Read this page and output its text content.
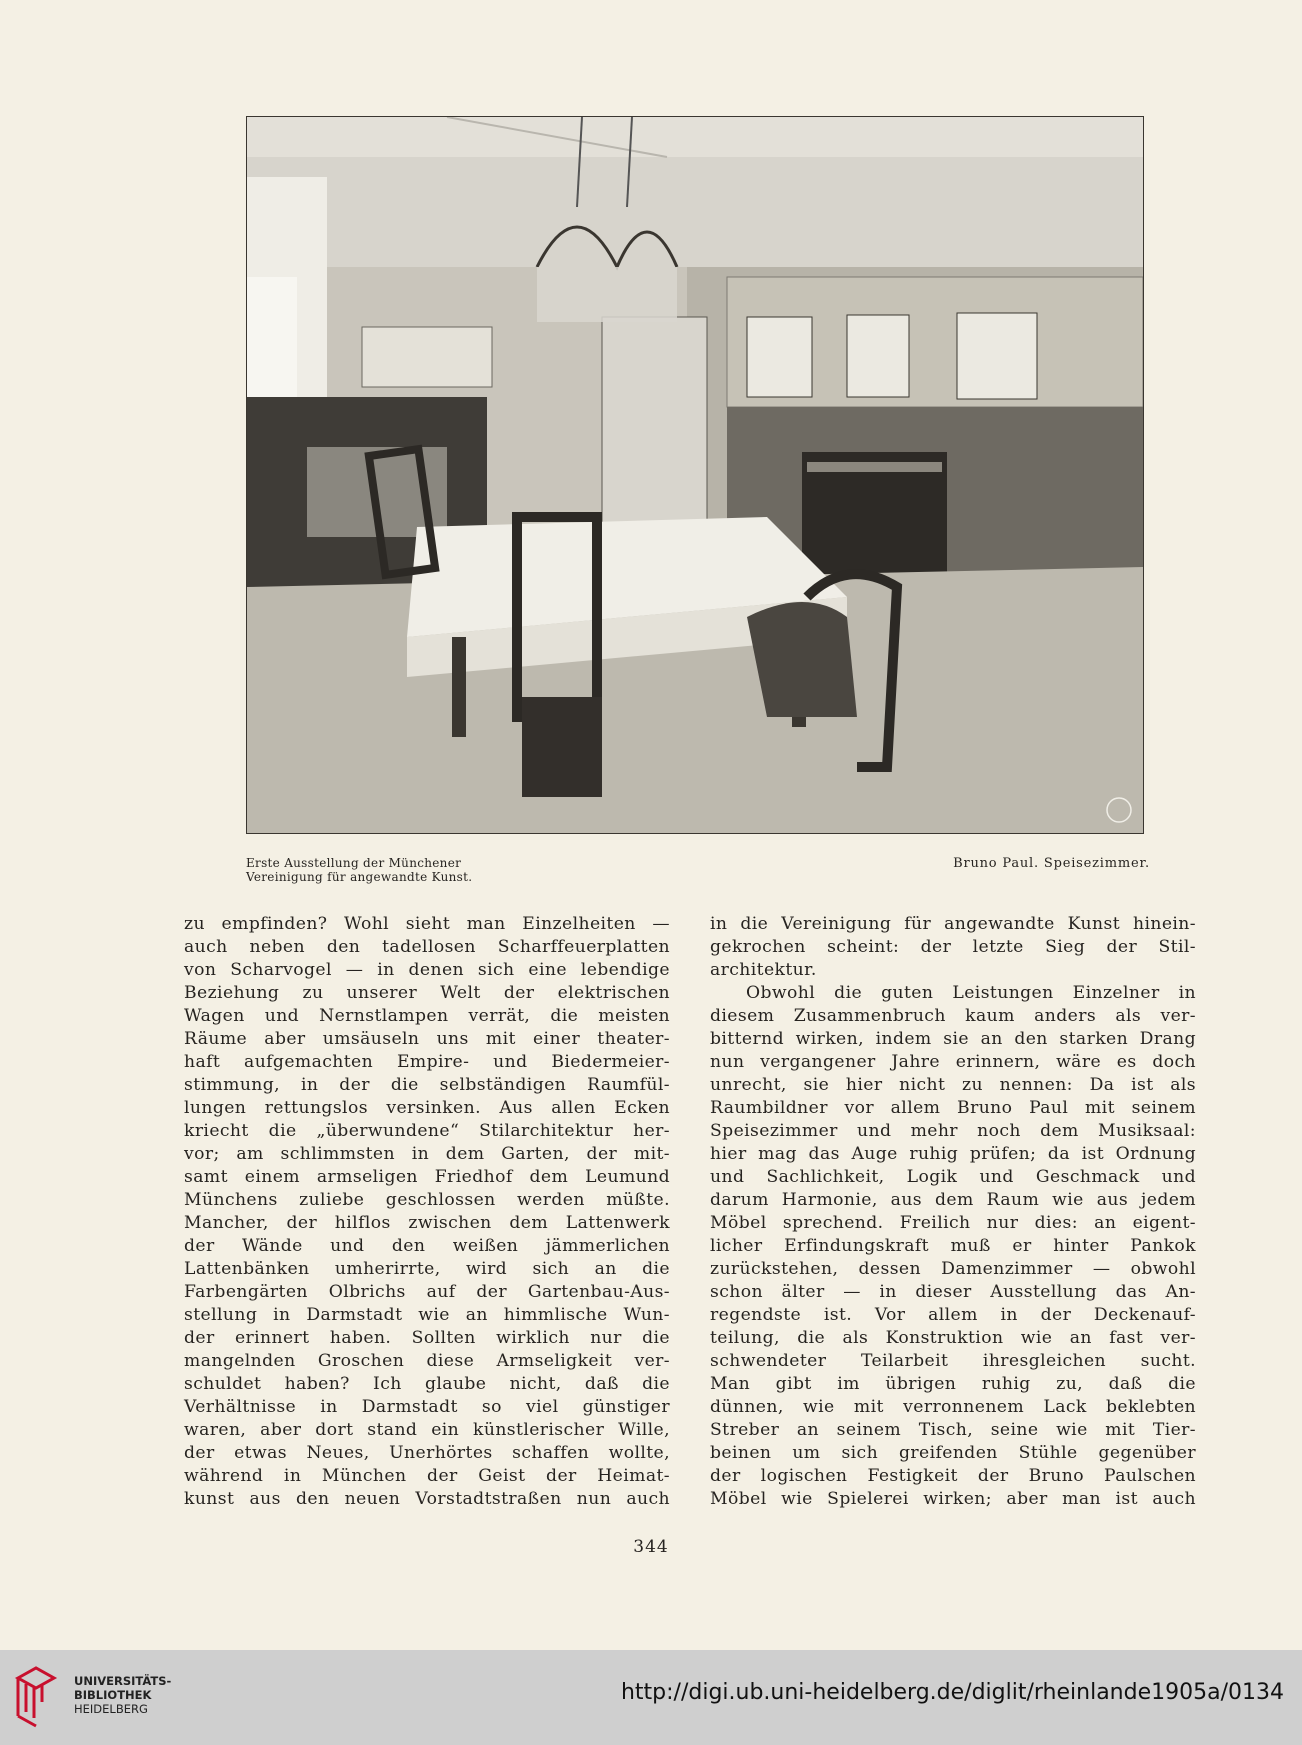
Erste Ausstellung der Münchener
Vereinigung für angewandte Kunst.
Bruno Paul. Speisezimmer.

zu empfinden? Wohl sieht man Einzelheiten —

auch neben den tadellosen Scharffeuerplatten

von Scharvogel — in denen sich eine lebendige

Beziehung zu unserer Welt der elektrischen

Wagen und Nernstlampen verrät, die meisten

Räume aber umsäuseln uns mit einer theater-

haft aufgemachten Empire- und Biedermeier-

stimmung, in der die selbständigen Raumfül-

lungen rettungslos versinken. Aus allen Ecken

kriecht die „überwundene“ Stilarchitektur her-

vor; am schlimmsten in dem Garten, der mit-

samt einem armseligen Friedhof dem Leumund

Münchens zuliebe geschlossen werden müßte.

Mancher, der hilflos zwischen dem Lattenwerk

der Wände und den weißen jämmerlichen

Lattenbänken umherirrte, wird sich an die

Farbengärten Olbrichs auf der Gartenbau-Aus-

stellung in Darmstadt wie an himmlische Wun-

der erinnert haben. Sollten wirklich nur die

mangelnden Groschen diese Armseligkeit ver-

schuldet haben? Ich glaube nicht, daß die

Verhältnisse in Darmstadt so viel günstiger

waren, aber dort stand ein künstlerischer Wille,

der etwas Neues, Unerhörtes schaffen wollte,

während in München der Geist der Heimat-

kunst aus den neuen Vorstadtstraßen nun auch

in die Vereinigung für angewandte Kunst hinein-

gekrochen scheint: der letzte Sieg der Stil-

architektur.

Obwohl die guten Leistungen Einzelner in

diesem Zusammenbruch kaum anders als ver-

bitternd wirken, indem sie an den starken Drang

nun vergangener Jahre erinnern, wäre es doch

unrecht, sie hier nicht zu nennen: Da ist als

Raumbildner vor allem Bruno Paul mit seinem

Speisezimmer und mehr noch dem Musiksaal:

hier mag das Auge ruhig prüfen; da ist Ordnung

und Sachlichkeit, Logik und Geschmack und

darum Harmonie, aus dem Raum wie aus jedem

Möbel sprechend. Freilich nur dies: an eigent-

licher Erfindungskraft muß er hinter Pankok

zurückstehen, dessen Damenzimmer — obwohl

schon älter — in dieser Ausstellung das An-

regendste ist. Vor allem in der Deckenauf-

teilung, die als Konstruktion wie an fast ver-

schwendeter Teilarbeit ihresgleichen sucht.

Man gibt im übrigen ruhig zu, daß die

dünnen, wie mit verronnenem Lack beklebten

Streber an seinem Tisch, seine wie mit Tier-

beinen um sich greifenden Stühle gegenüber

der logischen Festigkeit der Bruno Paulschen

Möbel wie Spielerei wirken; aber man ist auch

344
UNIVERSITÄTS-
BIBLIOTHEK
HEIDELBERG
http://digi.ub.uni-heidelberg.de/diglit/rheinlande1905a/0134
